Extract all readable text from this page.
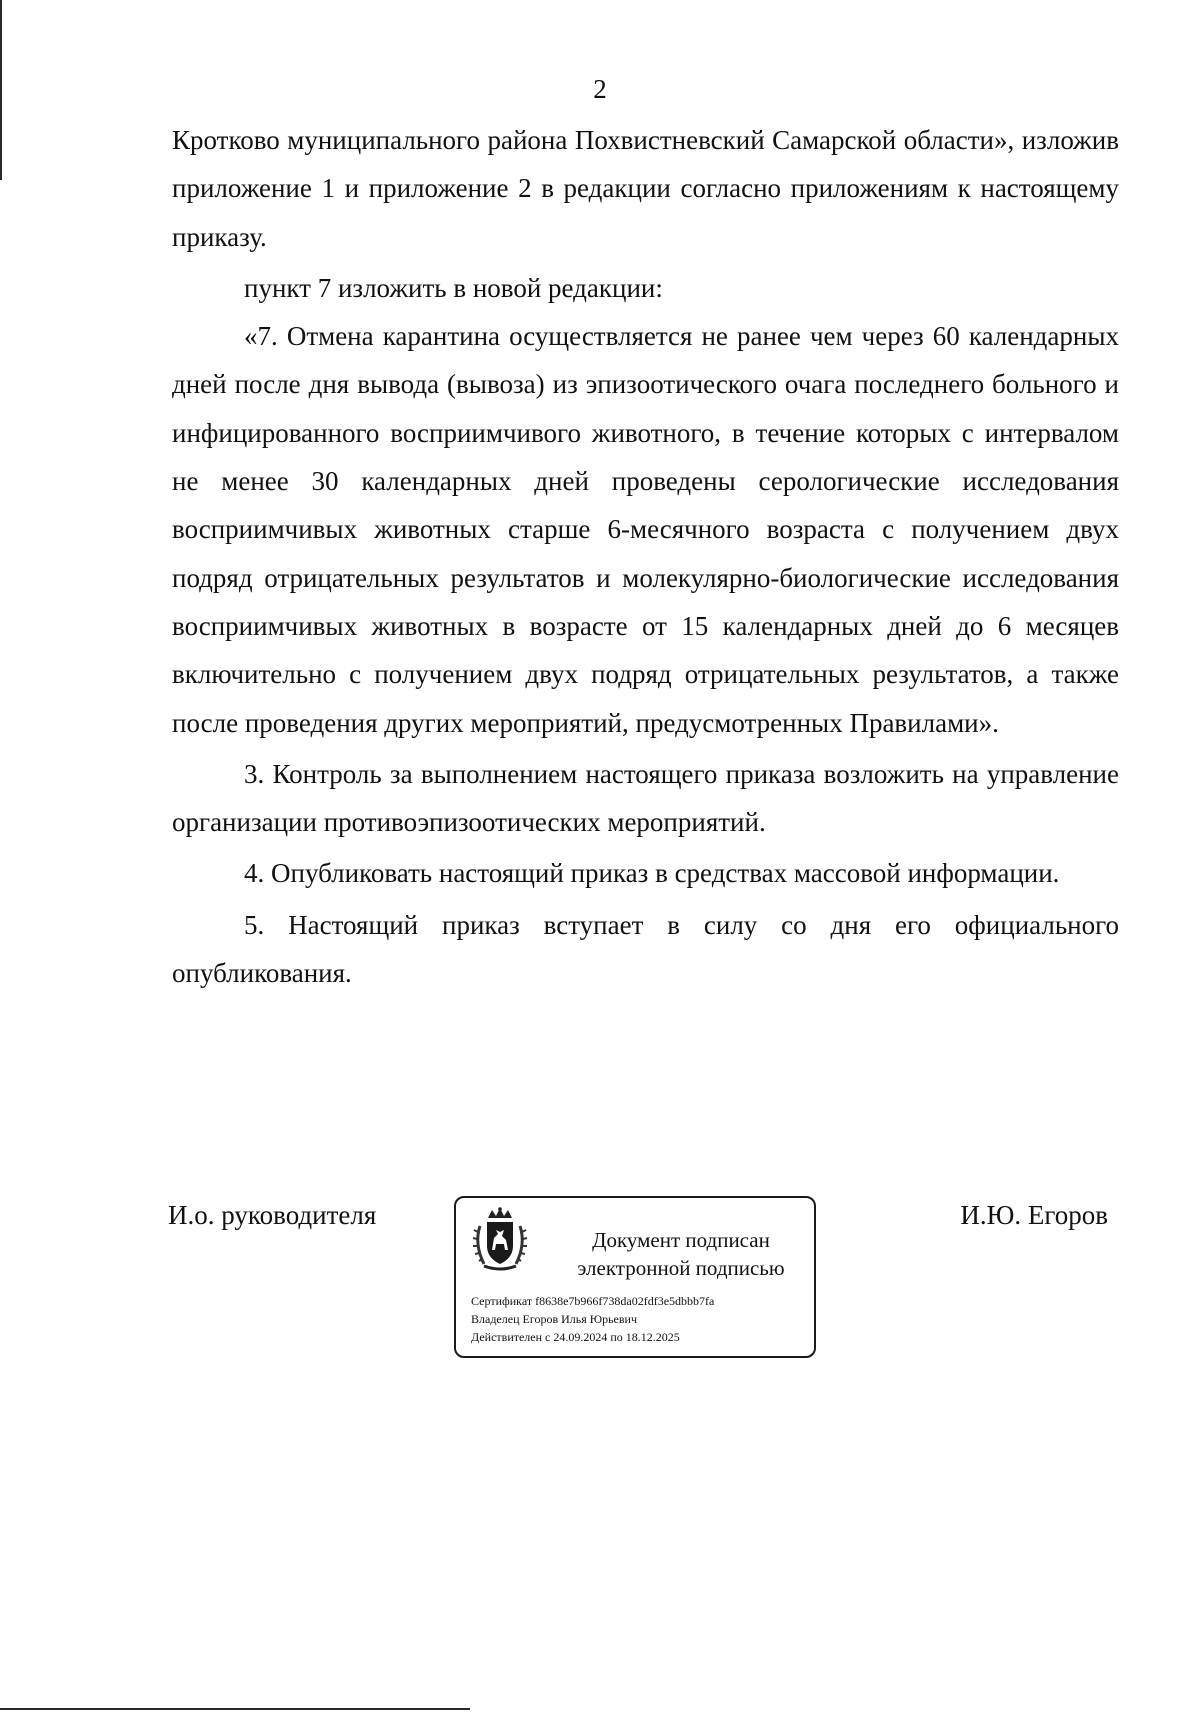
2

Кротково муниципального района Похвистневский Самарской области», изложив приложение 1 и приложение 2 в редакции согласно приложениям к настоящему приказу.

пункт 7 изложить в новой редакции:

«7. Отмена карантина осуществляется не ранее чем через 60 календарных дней после дня вывода (вывоза) из эпизоотического очага последнего больного и инфицированного восприимчивого животного, в течение которых с интервалом не менее 30 календарных дней проведены серологические исследования восприимчивых животных старше 6-месячного возраста с получением двух подряд отрицательных результатов и молекулярно-биологические исследования восприимчивых животных в возрасте от 15 календарных дней до 6 месяцев включительно с получением двух подряд отрицательных результатов, а также после проведения других мероприятий, предусмотренных Правилами».

3. Контроль за выполнением настоящего приказа возложить на управление организации противоэпизоотических мероприятий.

4. Опубликовать настоящий приказ в средствах массовой информации.

5. Настоящий приказ вступает в силу со дня его официального опубликования.

И.о. руководителя
Документ подписан
электронной подписью
Сертификат f8638e7b966f738da02fdf3e5dbbb7fa
Владелец Егоров Илья Юрьевич
Действителен с 24.09.2024 по 18.12.2025
И.Ю. Егоров
